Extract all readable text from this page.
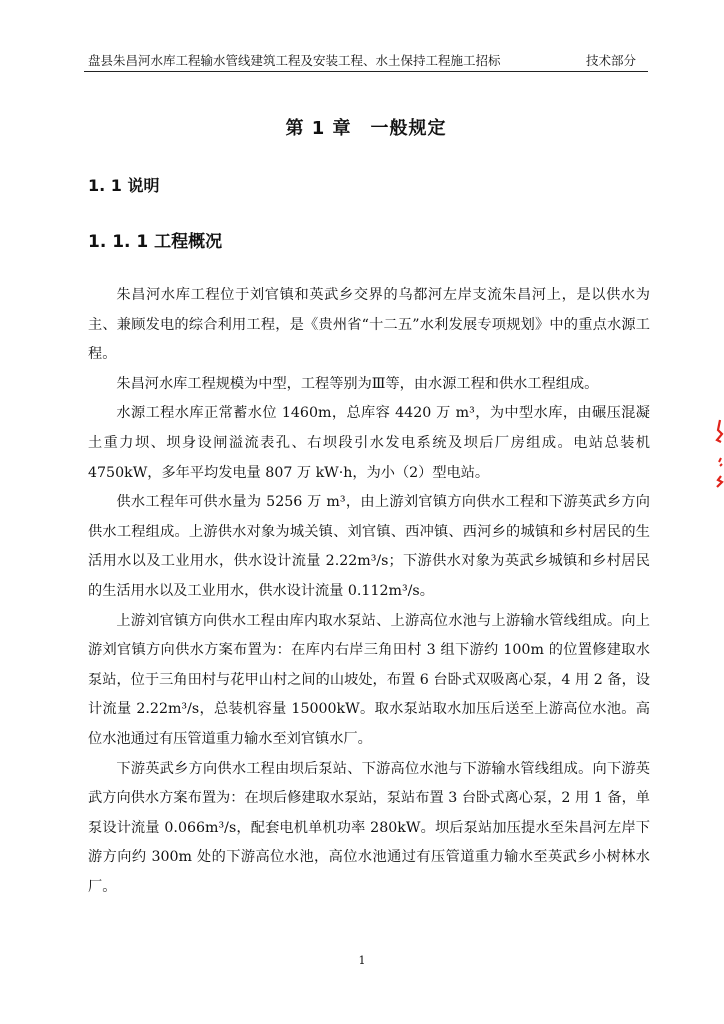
盘县朱昌河水库工程输水管线建筑工程及安装工程、水土保持工程施工招标	技术部分
第 1 章　一般规定
1. 1 说明
1. 1. 1 工程概况

朱昌河水库工程位于刘官镇和英武乡交界的乌都河左岸支流朱昌河上，是以供水为主、兼顾发电的综合利用工程，是《贵州省“十二五”水利发展专项规划》中的重点水源工程。

朱昌河水库工程规模为中型，工程等别为Ⅲ等，由水源工程和供水工程组成。

水源工程水库正常蓄水位 1460m，总库容 4420 万 m³，为中型水库，由碾压混凝土重力坝、坝身设闸溢流表孔、右坝段引水发电系统及坝后厂房组成。电站总装机 4750kW，多年平均发电量 807 万 kW·h，为小（2）型电站。

供水工程年可供水量为 5256 万 m³，由上游刘官镇方向供水工程和下游英武乡方向供水工程组成。上游供水对象为城关镇、刘官镇、西冲镇、西河乡的城镇和乡村居民的生活用水以及工业用水，供水设计流量 2.22m³/s；下游供水对象为英武乡城镇和乡村居民的生活用水以及工业用水，供水设计流量 0.112m³/s。

上游刘官镇方向供水工程由库内取水泵站、上游高位水池与上游输水管线组成。向上游刘官镇方向供水方案布置为：在库内右岸三角田村 3 组下游约 100m 的位置修建取水泵站，位于三角田村与花甲山村之间的山坡处，布置 6 台卧式双吸离心泵，4 用 2 备，设计流量 2.22m³/s，总装机容量 15000kW。取水泵站取水加压后送至上游高位水池。高位水池通过有压管道重力输水至刘官镇水厂。

下游英武乡方向供水工程由坝后泵站、下游高位水池与下游输水管线组成。向下游英武方向供水方案布置为：在坝后修建取水泵站，泵站布置 3 台卧式离心泵，2 用 1 备，单泵设计流量 0.066m³/s，配套电机单机功率 280kW。坝后泵站加压提水至朱昌河左岸下游方向约 300m 处的下游高位水池，高位水池通过有压管道重力输水至英武乡小树林水厂。

1
